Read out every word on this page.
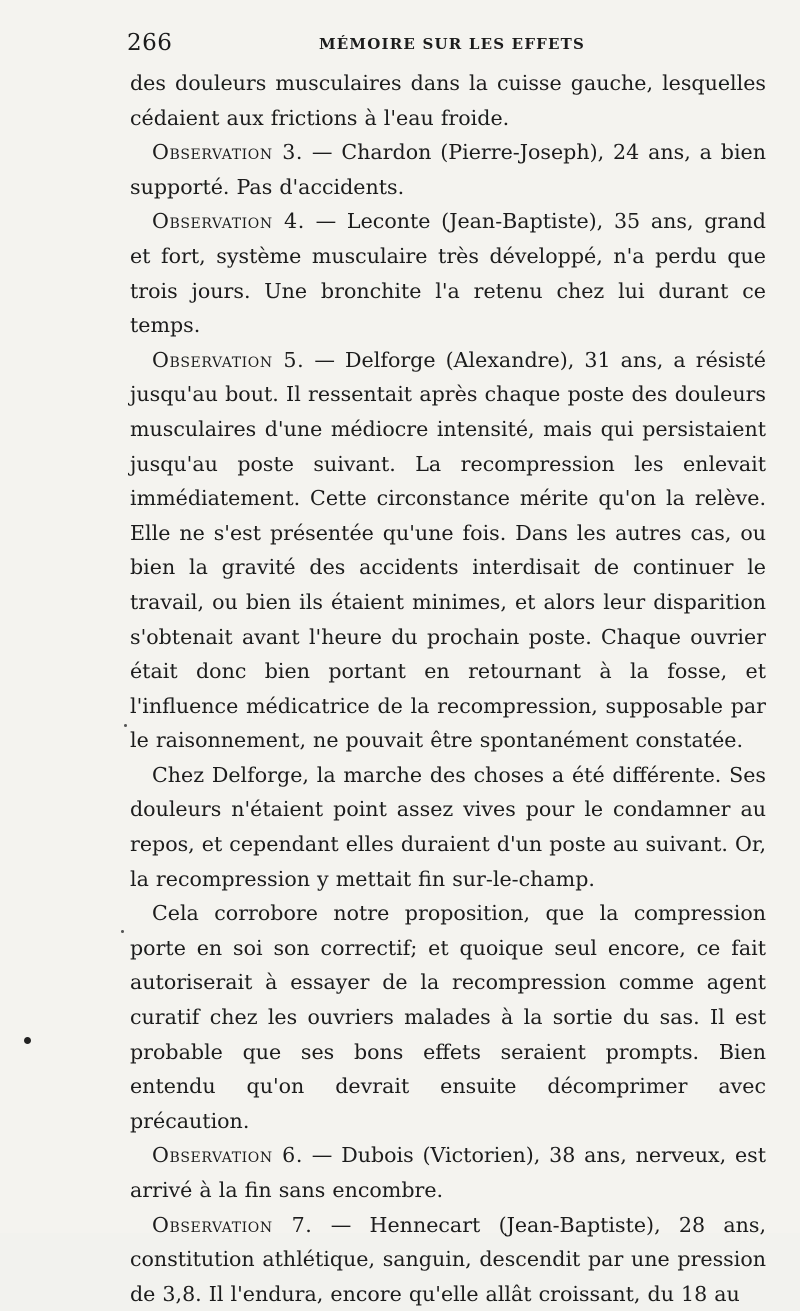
266	MÉMOIRE SUR LES EFFETS

des douleurs musculaires dans la cuisse gauche, lesquelles cédaient aux frictions à l'eau froide.

Observation 3. — Chardon (Pierre-Joseph), 24 ans, a bien supporté. Pas d'accidents.

Observation 4. — Leconte (Jean-Baptiste), 35 ans, grand et fort, système musculaire très développé, n'a perdu que trois jours. Une bronchite l'a retenu chez lui durant ce temps.

Observation 5. — Delforge (Alexandre), 31 ans, a résisté jusqu'au bout. Il ressentait après chaque poste des douleurs musculaires d'une médiocre intensité, mais qui persistaient jusqu'au poste suivant. La recompression les enlevait immédiatement. Cette circonstance mérite qu'on la relève. Elle ne s'est présentée qu'une fois. Dans les autres cas, ou bien la gravité des accidents interdisait de continuer le travail, ou bien ils étaient minimes, et alors leur disparition s'obtenait avant l'heure du prochain poste. Chaque ouvrier était donc bien portant en retournant à la fosse, et l'influence médicatrice de la recompression, supposable par le raisonnement, ne pouvait être spontanément constatée.

Chez Delforge, la marche des choses a été différente. Ses douleurs n'étaient point assez vives pour le condamner au repos, et cependant elles duraient d'un poste au suivant. Or, la recompression y mettait fin sur-le-champ.

Cela corrobore notre proposition, que la compression porte en soi son correctif; et quoique seul encore, ce fait autoriserait à essayer de la recompression comme agent curatif chez les ouvriers malades à la sortie du sas. Il est probable que ses bons effets seraient prompts. Bien entendu qu'on devrait ensuite décomprimer avec précaution.

Observation 6. — Dubois (Victorien), 38 ans, nerveux, est arrivé à la fin sans encombre.

Observation 7. — Hennecart (Jean-Baptiste), 28 ans, constitution athlétique, sanguin, descendit par une pression de 3,8. Il l'endura, encore qu'elle allât croissant, du 18 au
